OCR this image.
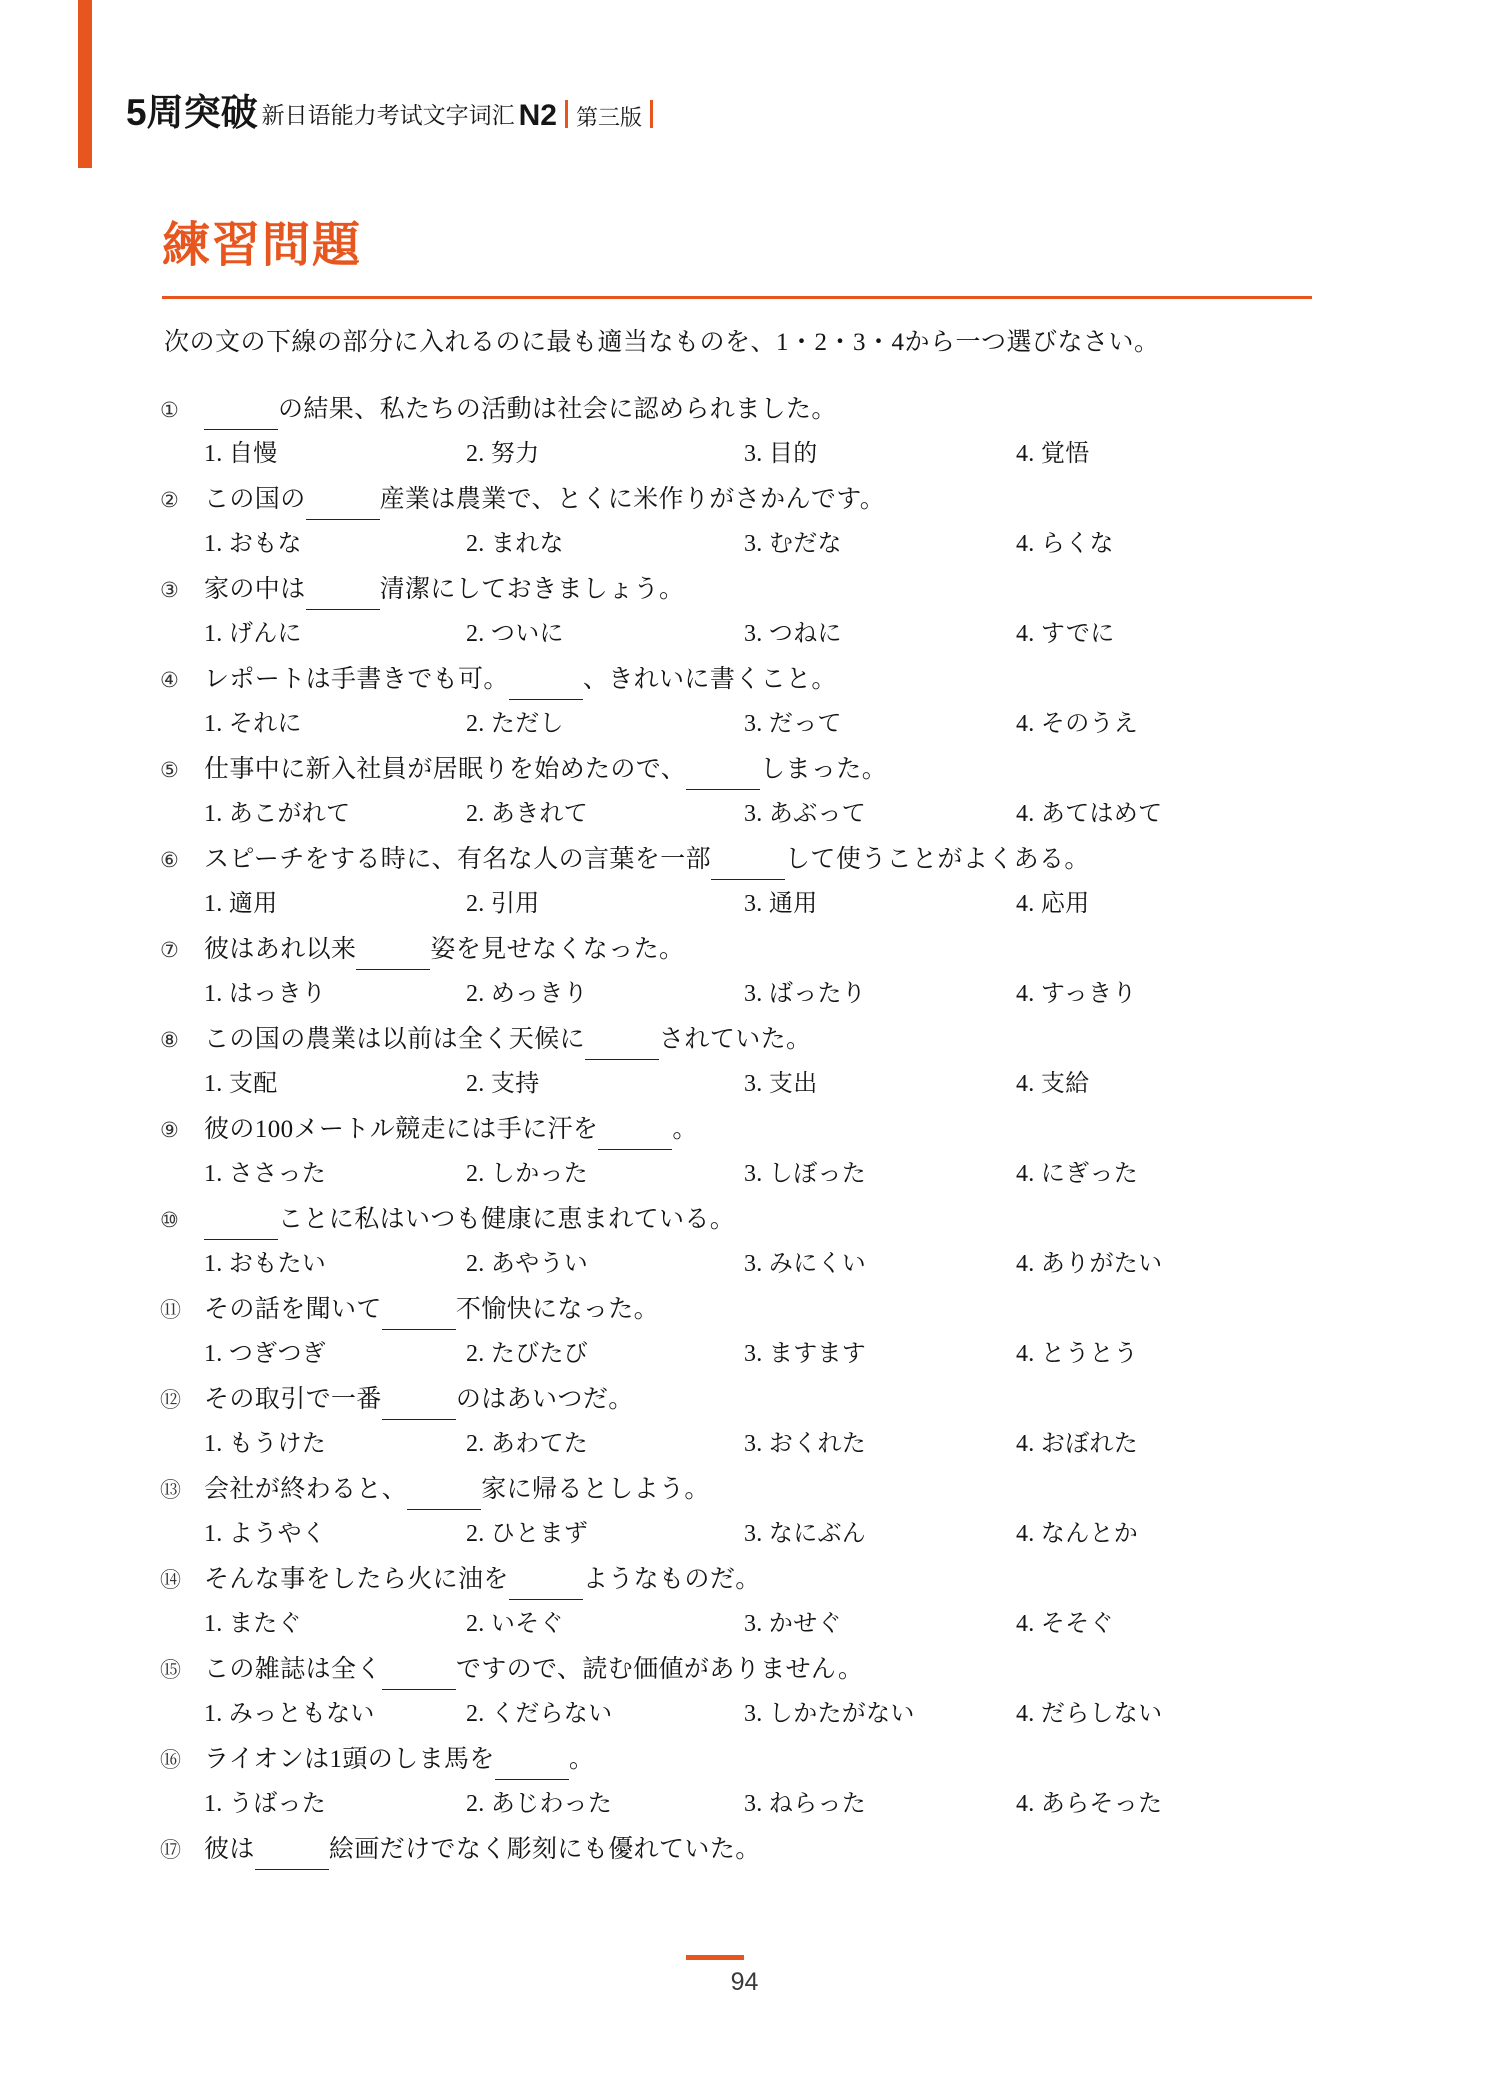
5周突破 新日语能力考试文字词汇 N2 第三版
練習問題
次の文の下線の部分に入れるのに最も適当なものを、1・2・3・4から一つ選びなさい。
①	の結果、私たちの活動は社会に認められました。
1. 自慢	2. 努力	3. 目的	4. 覚悟
②	この国の	産業は農業で、とくに米作りがさかんです。
1. おもな	2. まれな	3. むだな	4. らくな
③	家の中は	清潔にしておきましょう。
1. げんに	2. ついに	3. つねに	4. すでに
④	レポートは手書きでも可。	、きれいに書くこと。
1. それに	2. ただし	3. だって	4. そのうえ
⑤	仕事中に新入社員が居眠りを始めたので、	しまった。
1. あこがれて	2. あきれて	3. あぶって	4. あてはめて
⑥	スピーチをする時に、有名な人の言葉を一部	して使うことがよくある。
1. 適用	2. 引用	3. 通用	4. 応用
⑦	彼はあれ以来	姿を見せなくなった。
1. はっきり	2. めっきり	3. ばったり	4. すっきり
⑧	この国の農業は以前は全く天候に	されていた。
1. 支配	2. 支持	3. 支出	4. 支給
⑨	彼の100メートル競走には手に汗を	。
1. ささった	2. しかった	3. しぼった	4. にぎった
⑩	ことに私はいつも健康に恵まれている。
1. おもたい	2. あやうい	3. みにくい	4. ありがたい
⑪ その話を聞いて	不愉快になった。
1. つぎつぎ	2. たびたび	3. ますます	4. とうとう
⑫ その取引で一番	のはあいつだ。
1. もうけた	2. あわてた	3. おくれた	4. おぼれた
⑬ 会社が終わると、	家に帰るとしよう。
1. ようやく	2. ひとまず	3. なにぶん	4. なんとか
⑭ そんな事をしたら火に油を	ようなものだ。
1. またぐ	2. いそぐ	3. かせぐ	4. そそぐ
⑮ この雑誌は全く	ですので、読む価値がありません。
1. みっともない	2. くだらない	3. しかたがない	4. だらしない
⑯ ライオンは1頭のしま馬を	。
1. うばった	2. あじわった	3. ねらった	4. あらそった
⑰ 彼は	絵画だけでなく彫刻にも優れていた。
94
